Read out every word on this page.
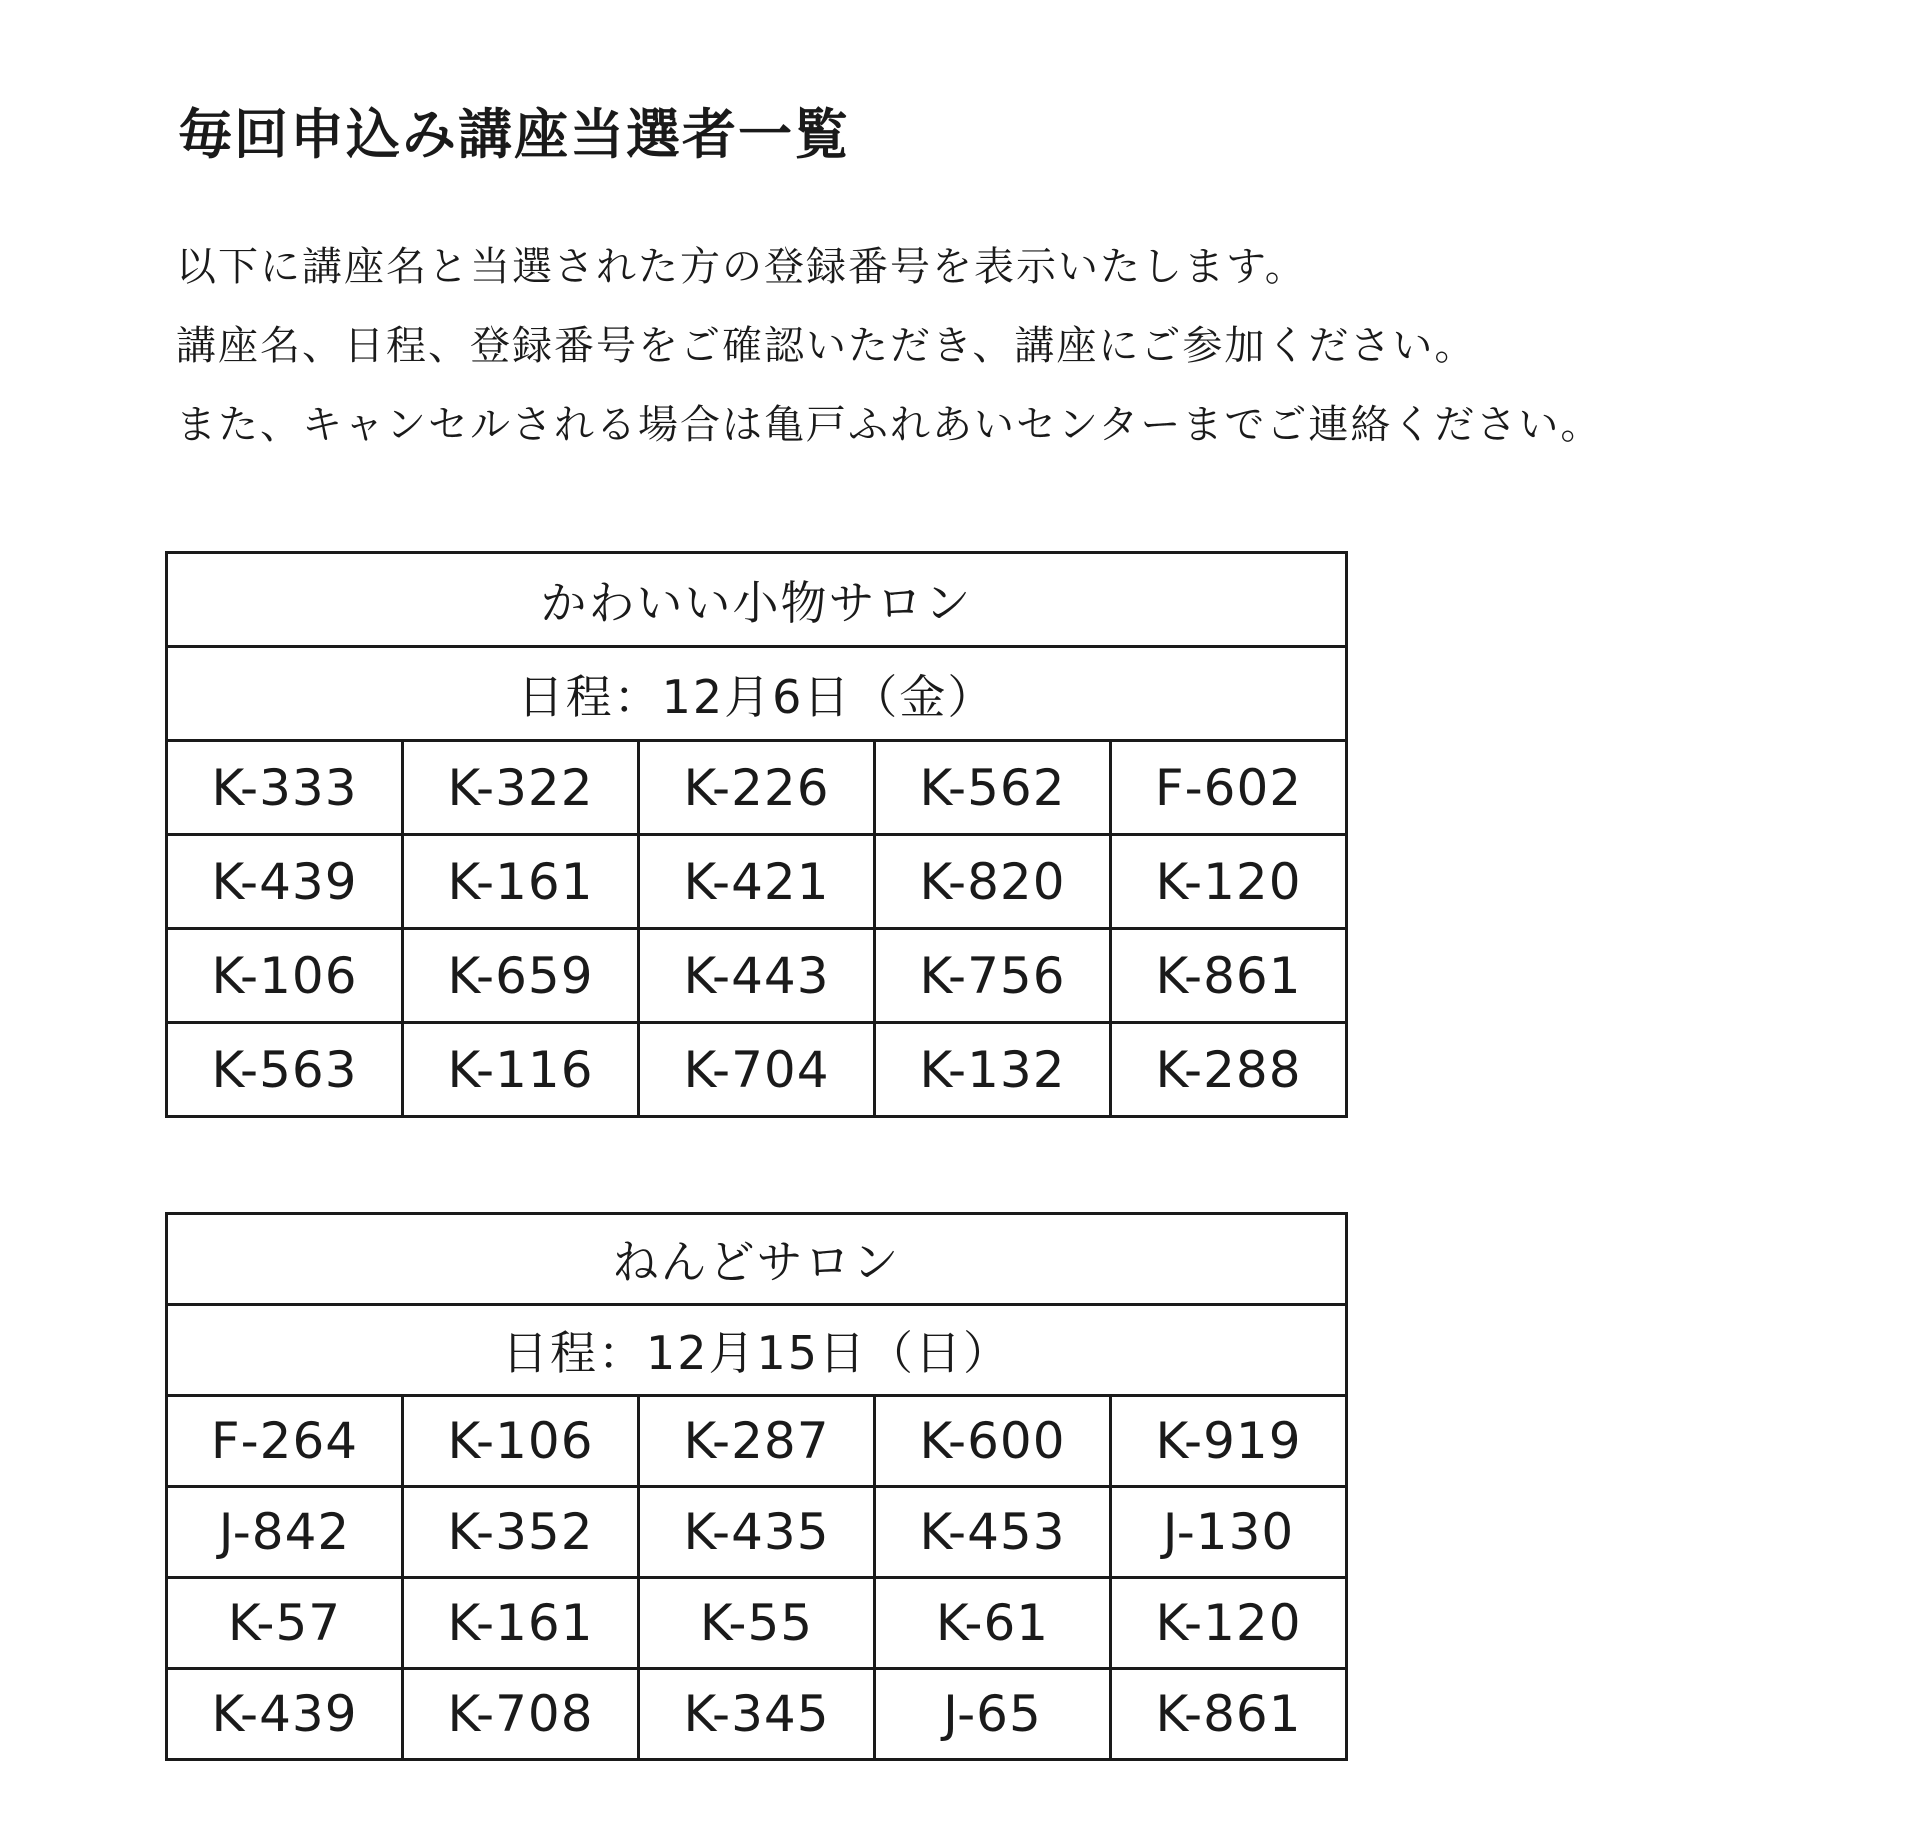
毎回申込み講座当選者一覧

以下に講座名と当選された方の登録番号を表示いたします。

講座名、日程、登録番号をご確認いただき、講座にご参加ください。

また、キャンセルされる場合は亀戸ふれあいセンターまでご連絡ください。

かわいい小物サロン				
日程：12月6日（金）				
K-333	K-322	K-226	K-562	F-602
K-439	K-161	K-421	K-820	K-120
K-106	K-659	K-443	K-756	K-861
K-563	K-116	K-704	K-132	K-288
ねんどサロン				
日程：12月15日（日）				
F-264	K-106	K-287	K-600	K-919
J-842	K-352	K-435	K-453	J-130
K-57	K-161	K-55	K-61	K-120
K-439	K-708	K-345	J-65	K-861
